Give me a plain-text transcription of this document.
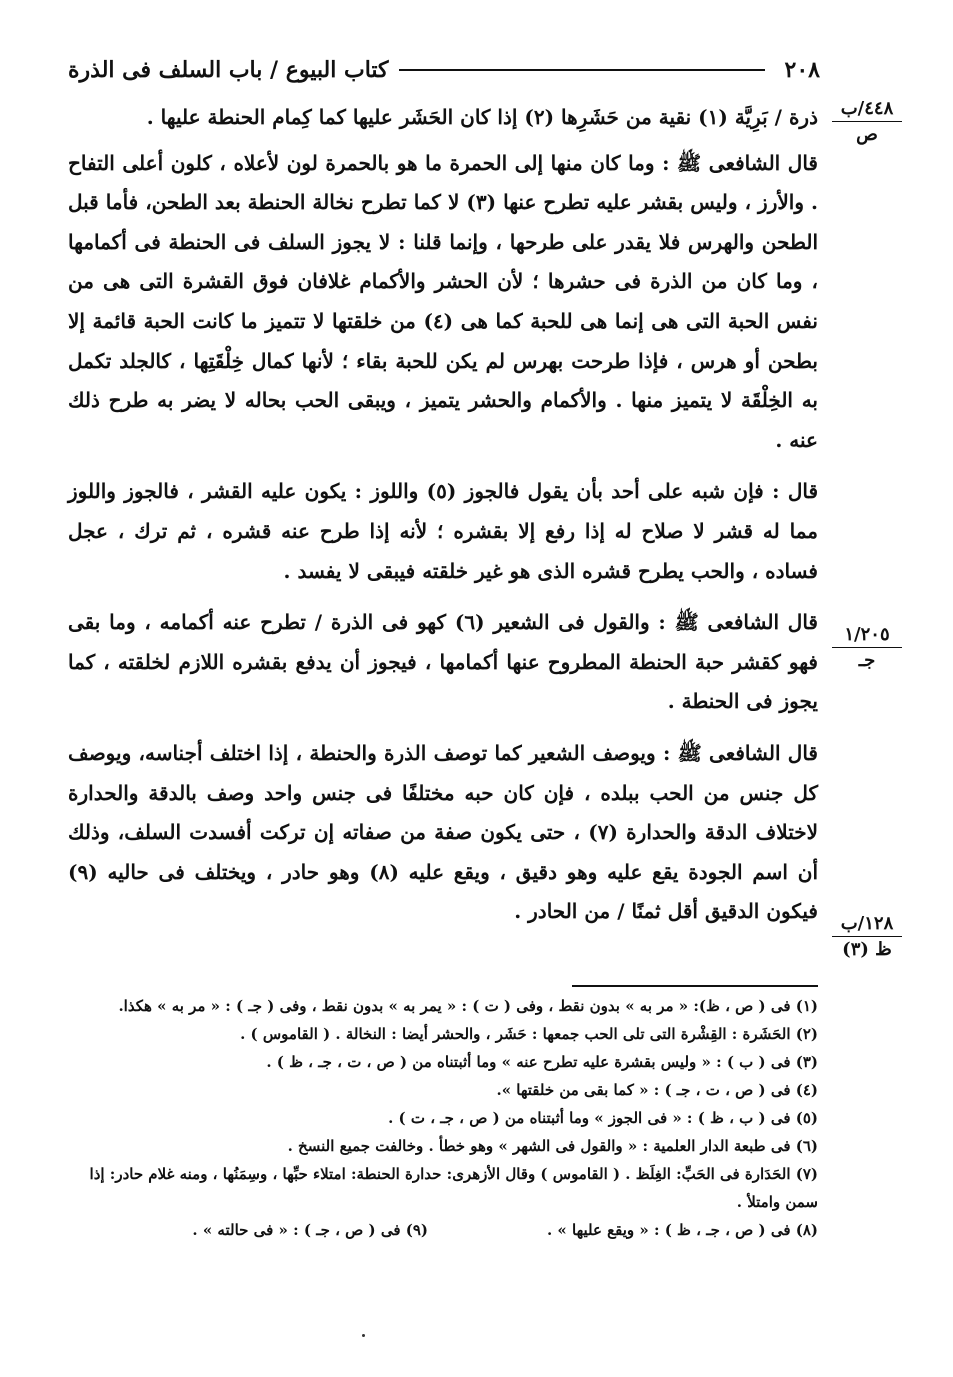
٢٠٨
كتاب البيوع / باب السلف فى الذرة
٤٤٨/ب
ص
١/٢٠٥
جـ
١٢٨/ب
ظ (٣)

ذرة / بَرِيَّة (١) نقية من حَشَرِها (٢) إذا كان الحَشَر عليها كما كِمام الحنطة عليها .

قال الشافعى ﷺ : وما كان منها إلى الحمرة ما هو بالحمرة لون لأعلاه ، كلون أعلى التفاح . والأرز ، وليس بقشر عليه تطرح عنها (٣) لا كما تطرح نخالة الحنطة بعد الطحن، فأما قبل الطحن والهرس فلا يقدر على طرحها ، وإنما قلنا : لا يجوز السلف فى الحنطة فى أكمامها ، وما كان من الذرة فى حشرها ؛ لأن الحشر والأكمام غلافان فوق القشرة التى هى من نفس الحبة التى هى إنما هى للحبة كما هى (٤) من خلقتها لا تتميز ما كانت الحبة قائمة إلا بطحن أو هرس ، فإذا طرحت بهرس لم يكن للحبة بقاء ؛ لأنها كمال خِلْقَتِها ، كالجلد تكمل به الخِلْقَة لا يتميز منها . والأكمام والحشر يتميز ، ويبقى الحب بحاله لا يضر به طرح ذلك عنه .

قال : فإن شبه على أحد بأن يقول فالجوز (٥) واللوز : يكون عليه القشر ، فالجوز واللوز مما له قشر لا صلاح له إذا رفع إلا بقشره ؛ لأنه إذا طرح عنه قشره ، ثم ترك ، عجل فساده ، والحب يطرح قشره الذى هو غير خلقته فيبقى لا يفسد .

قال الشافعى ﷺ : والقول فى الشعير (٦) كهو فى الذرة / تطرح عنه أكمامه ، وما بقى فهو كقشر حبة الحنطة المطروح عنها أكمامها ، فيجوز أن يدفع بقشره اللازم لخلقته ، كما يجوز فى الحنطة .

قال الشافعى ﷺ : ويوصف الشعير كما توصف الذرة والحنطة ، إذا اختلف أجناسه، ويوصف كل جنس من الحب ببلده ، فإن كان حبه مختلفًا فى جنس واحد وصف بالدقة والحدارة لاختلاف الدقة والحدارة (٧) ، حتى يكون صفة من صفاته إن تركت أفسدت السلف، وذلك أن اسم الجودة يقع عليه وهو دقيق ، ويقع عليه (٨) وهو حادر ، ويختلف فى حاليه (٩) فيكون الدقيق أقل ثمنًا / من الحادر .

(١) فى ( ص ، ظ): « مر به » بدون نقط ، وفى ( ت ) : « يمر به » بدون نقط ، وفى ( جـ ) : « مر به » هكذا.

(٢) الحَشَرة : القِشْرة التى تلى الحب جمعها : حَشَر ، والحشر أيضا : النخالة . ( القاموس ) .

(٣) فى ( ب ) : « وليس بقشرة عليه تطرح عنه » وما أثبتناه من ( ص ، ت ، جـ ، ظ ) .

(٤) فى ( ص ، ت ، جـ ) : « كما بقى من خلقتها ».

(٥) فى ( ب ، ظ ) : « فى الجوز » وما أثبتناه من ( ص ، جـ ، ت ) .

(٦) فى طبعة الدار العلمية : « والقول فى الشهر » وهو خطأ . وخالفت جميع النسخ .

(٧) الحَدَارة فى الحَبِّ: الغِلَظ . ( القاموس ) وقال الأزهرى: حدارة الحنطة: امتلاء حبِّها ، وسِمَنُها ، ومنه غلام حادر: إذا سمن وامتلأ .

(٨) فى ( ص ، جـ ، ظ ) : « ويقع عليها » .

(٩) فى ( ص ، جـ ) : « فى حالته » .
